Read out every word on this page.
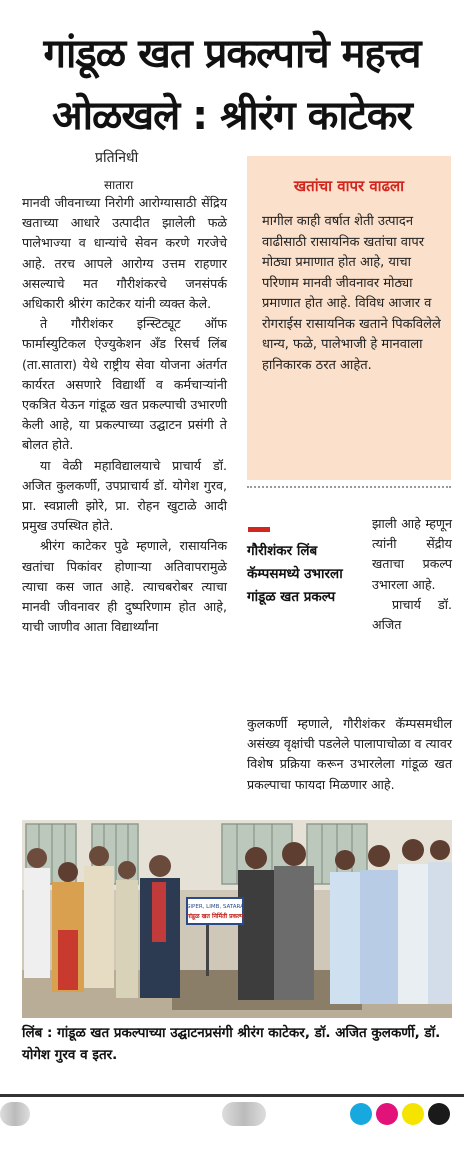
गांडूळ खत प्रकल्पाचे महत्त्व
ओळखले : श्रीरंग काटेकर
प्रतिनिधी
सातारा

मानवी जीवनाच्या निरोगी आरोग्यासाठी सेंद्रिय खताच्या आधारे उत्पादीत झालेली फळे पालेभाज्या व धान्यांचे सेवन करणे गरजेचे आहे. तरच आपले आरोग्य उत्तम राहणार असल्याचे मत गौरीशंकरचे जनसंपर्क अधिकारी श्रीरंग काटेकर यांनी व्यक्त केले.

ते गौरीशंकर इन्स्टिट्यूट ऑफ फार्मास्युटिकल ऐज्युकेशन अँड रिसर्च लिंब (ता.सातारा) येथे राष्ट्रीय सेवा योजना अंतर्गत कार्यरत असणारे विद्यार्थी व कर्मचाऱ्यांनी एकत्रित येऊन गांडूळ खत प्रकल्पाची उभारणी केली आहे, या प्रकल्पाच्या उद्घाटन प्रसंगी ते बोलत होते.

या वेळी महाविद्यालयाचे प्राचार्य डॉ. अजित कुलकर्णी, उपप्राचार्य डॉ. योगेश गुरव, प्रा. स्वप्नाली झोरे, प्रा. रोहन खुटाळे आदी प्रमुख उपस्थित होते.

श्रीरंग काटेकर पुढे म्हणाले, रासायनिक खतांचा पिकांवर होणाऱ्या अतिवापरामुळे त्याचा कस जात आहे. त्याचबरोबर त्याचा मानवी जीवनावर ही दुष्परिणाम होत आहे, याची जाणीव आता विद्यार्थ्यांना

खतांचा वापर वाढला
मागील काही वर्षात शेती उत्पादन वाढीसाठी रासायनिक खतांचा वापर मोठ्या प्रमाणात होत आहे, याचा परिणाम मानवी जीवनावर मोठ्या प्रमाणात होत आहे. विविध आजार व रोगराईस रासायनिक खताने पिकविलेले धान्य, फळे, पालेभाजी हे मानवाला हानिकारक ठरत आहेत.
गौरीशंकर लिंब कॅम्पसमध्ये उभारला गांडूळ खत प्रकल्प
झाली आहे म्हणून त्यांनी सेंद्रीय खताचा प्रकल्प उभारला आहे.
प्राचार्य डॉ. अजित
कुलकर्णी म्हणाले, गौरीशंकर कॅम्पसमधील असंख्य वृक्षांची पडलेले पालापाचोळा व त्यावर विशेष प्रक्रिया करून उभारलेला गांडूळ खत प्रकल्पाचा फायदा मिळणार आहे.
GIPER, LIMB, SATARA
गांडूळ खत निर्मिती प्रकल्प
लिंब : गांडूळ खत प्रकल्पाच्या उद्घाटनप्रसंगी श्रीरंग काटेकर, डॉ. अजित कुलकर्णी, डॉ. योगेश गुरव व इतर.
